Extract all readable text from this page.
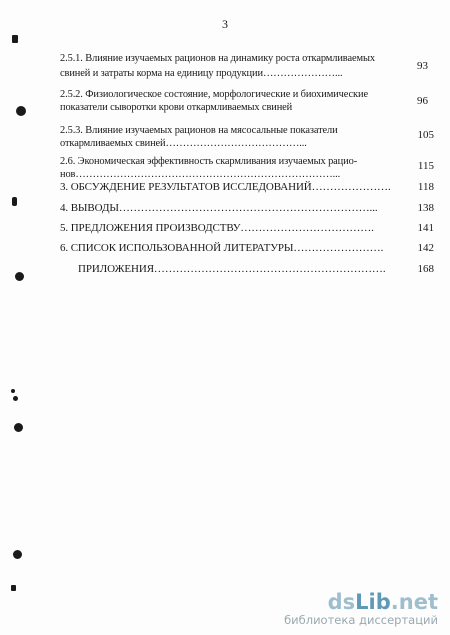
3
2.5.1. Влияние изучаемых рационов на динамику роста откармливаемых
свиней и затраты корма на единицу продукции…………………...
93
2.5.2. Физиологическое состояние, морфологические и биохимические
показатели сыворотки крови откармливаемых свиней
96
2.5.3. Влияние изучаемых рационов на мясосальные показатели
откармливаемых свиней…………………………………...
105
2.6. Экономическая эффективность скармливания изучаемых рацио-
нов…………………………………………………………………...
115
3. ОБСУЖДЕНИЕ РЕЗУЛЬТАТОВ ИССЛЕДОВАНИЙ………………….	118
4. ВЫВОДЫ……………………………………………………………...	138
5. ПРЕДЛОЖЕНИЯ ПРОИЗВОДСТВУ……………………………….	141
6. СПИСОК ИСПОЛЬЗОВАННОЙ ЛИТЕРАТУРЫ…………………….	142
ПРИЛОЖЕНИЯ……………………………………………………….	168
dsLib.net
библиотека диссертаций
